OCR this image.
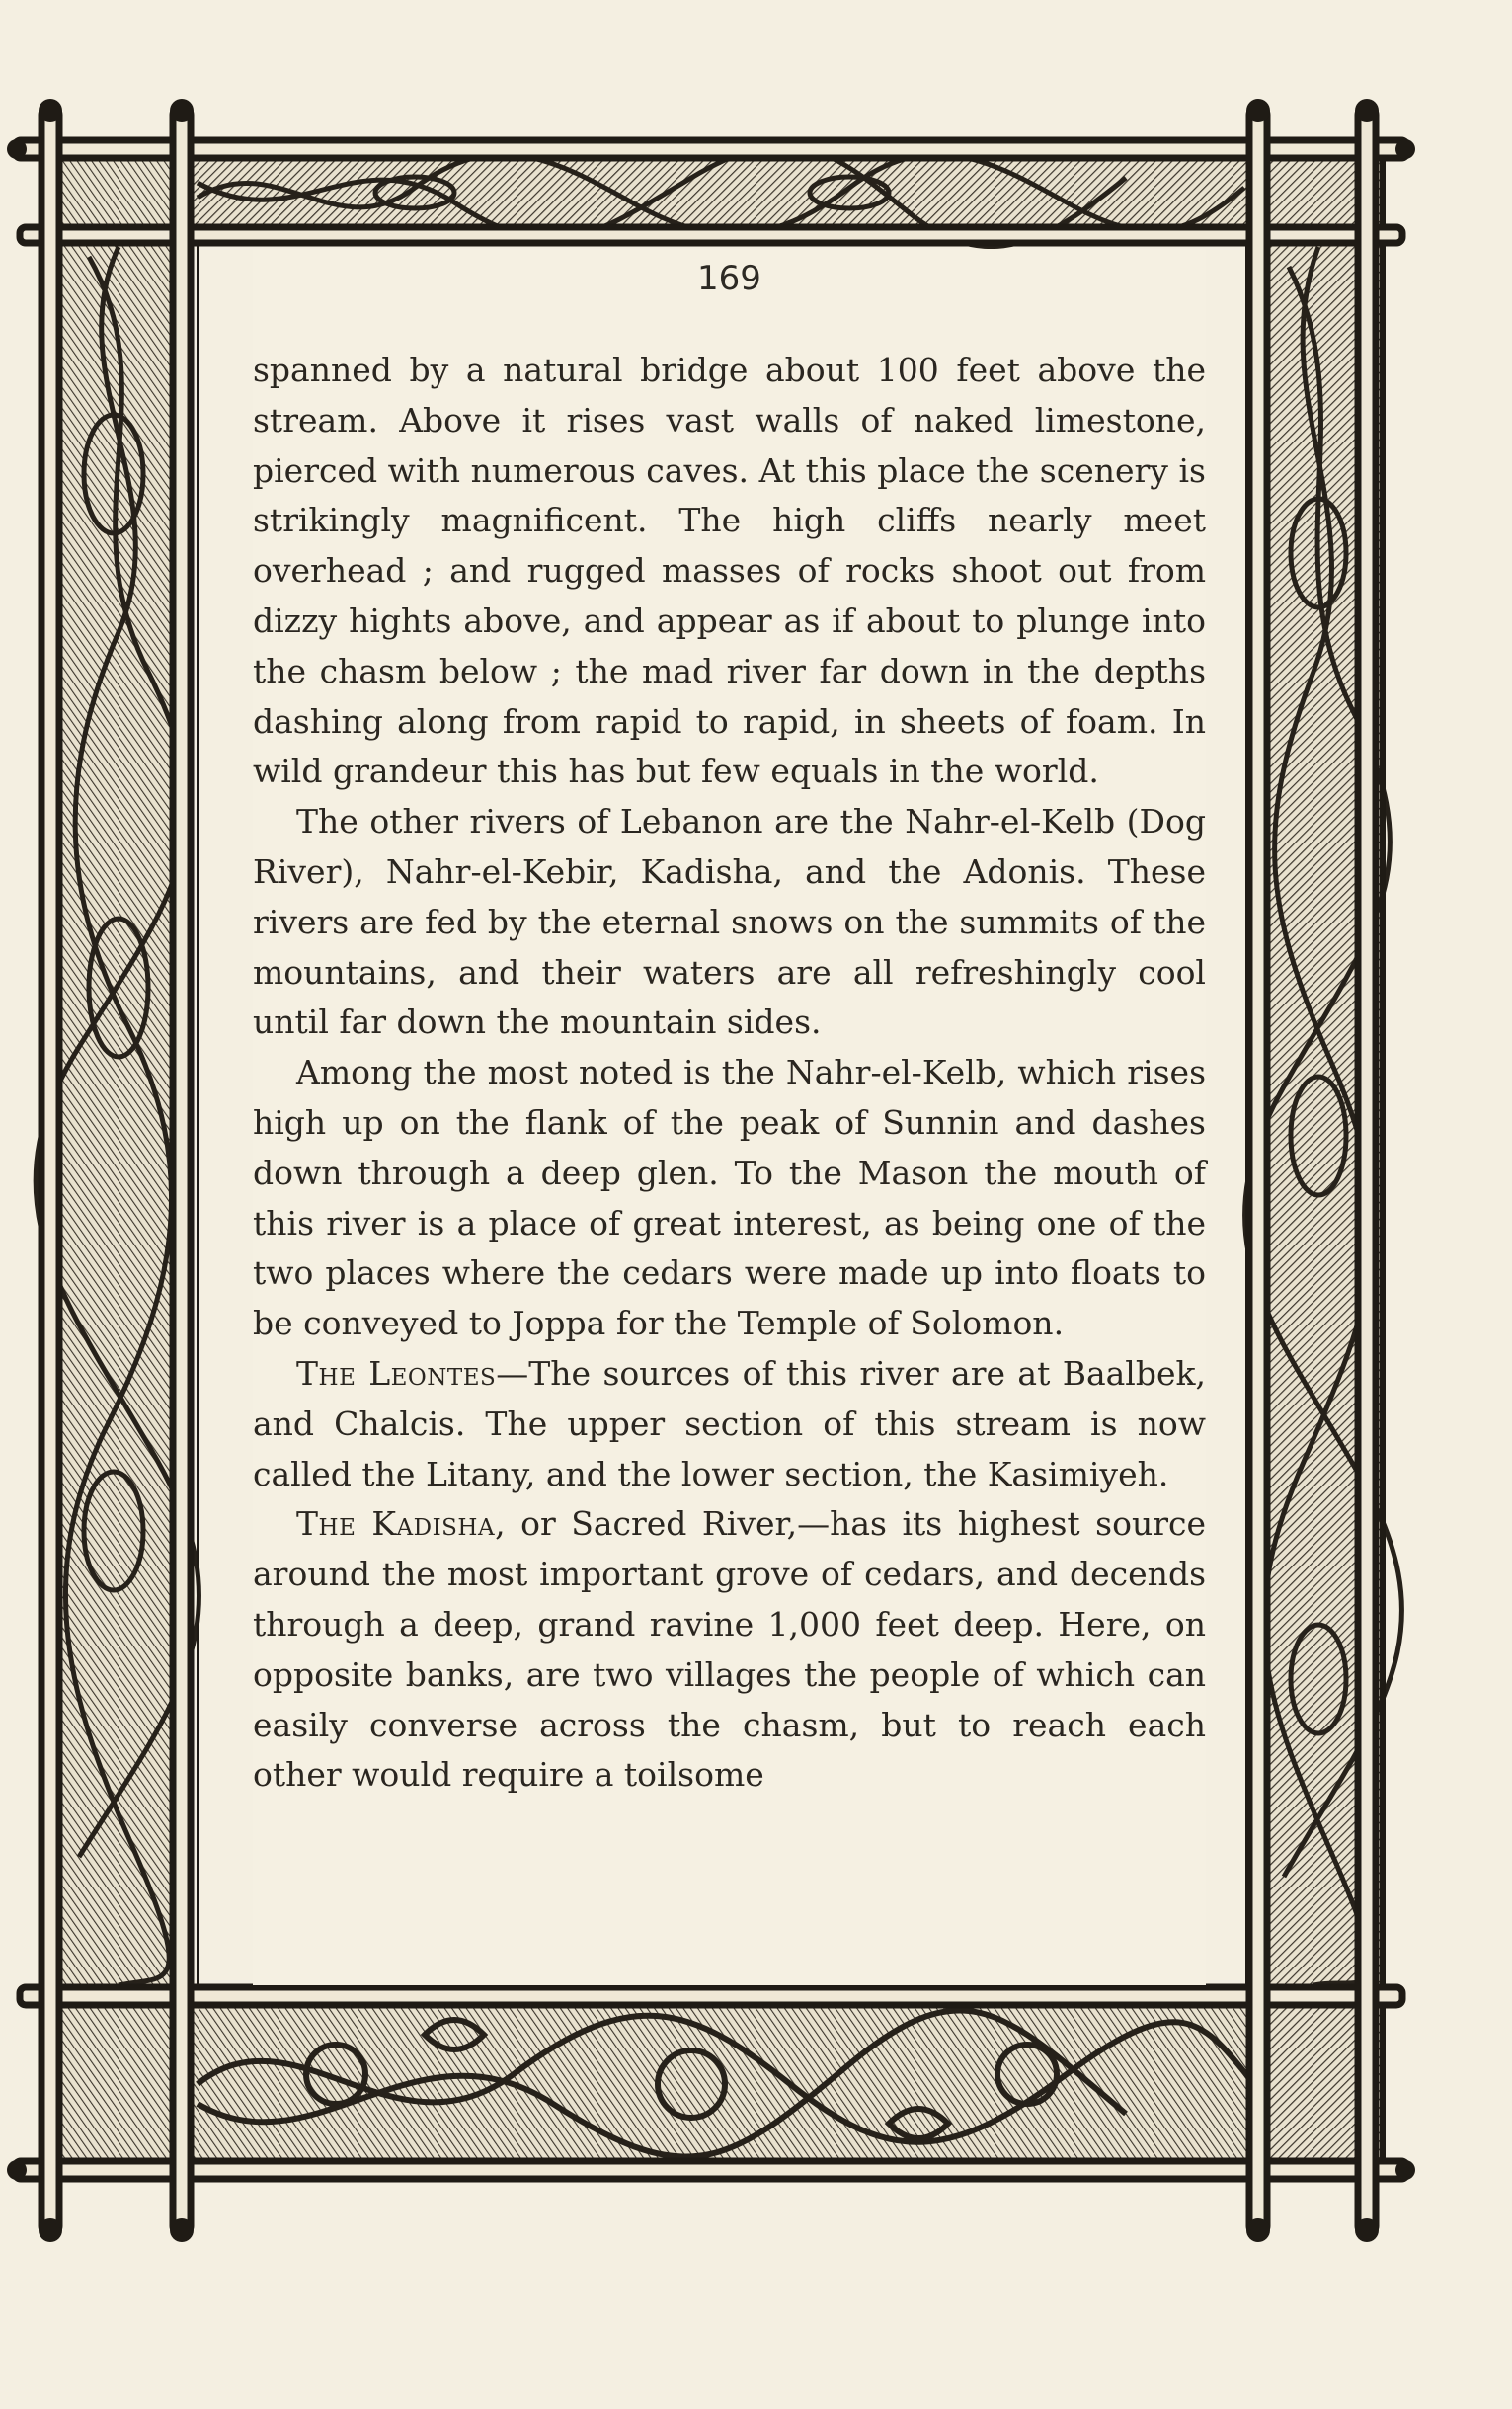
169

spanned by a natural bridge about 100 feet above the stream. Above it rises vast walls of naked limestone, pierced with numerous caves. At this place the scenery is strikingly magnificent. The high cliffs nearly meet overhead ; and rugged masses of rocks shoot out from dizzy hights above, and appear as if about to plunge into the chasm below ; the mad river far down in the depths dashing along from rapid to rapid, in sheets of foam. In wild grandeur this has but few equals in the world.

The other rivers of Lebanon are the Nahr-el-Kelb (Dog River), Nahr-el-Kebir, Kadisha, and the Adonis. These rivers are fed by the eternal snows on the summits of the mountains, and their waters are all refreshingly cool until far down the mountain sides.

Among the most noted is the Nahr-el-Kelb, which rises high up on the flank of the peak of Sunnin and dashes down through a deep glen. To the Mason the mouth of this river is a place of great interest, as being one of the two places where the cedars were made up into floats to be conveyed to Joppa for the Temple of Solomon.

The Leontes—The sources of this river are at Baalbek, and Chalcis. The upper section of this stream is now called the Litany, and the lower section, the Kasimiyeh.

The Kadisha, or Sacred River,—has its highest source around the most important grove of cedars, and decends through a deep, grand ravine 1,000 feet deep. Here, on opposite banks, are two villages the people of which can easily converse across the chasm, but to reach each other would require a toilsome
